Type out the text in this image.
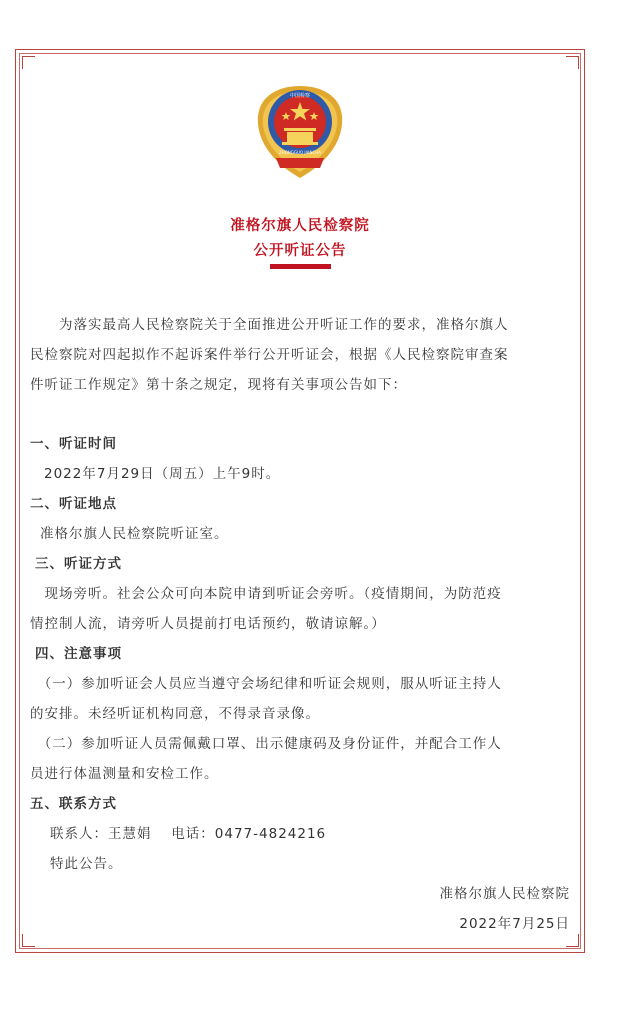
中国检察
ZHONGGUO JIANCHA
准格尔旗人民检察院
公开听证公告

　　为落实最高人民检察院关于全面推进公开听证工作的要求，准格尔旗人

民检察院对四起拟作不起诉案件举行公开听证会，根据《人民检察院审查案

件听证工作规定》第十条之规定，现将有关事项公告如下：

一、听证时间

2022年7月29日（周五）上午9时。

二、听证地点

准格尔旗人民检察院听证室。

三、听证方式

　现场旁听。社会公众可向本院申请到听证会旁听。（疫情期间，为防范疫

情控制人流，请旁听人员提前打电话预约，敬请谅解。）

四、注意事项

　（一）参加听证会人员应当遵守会场纪律和听证会规则，服从听证主持人

的安排。未经听证机构同意，不得录音录像。

　（二）参加听证人员需佩戴口罩、出示健康码及身份证件，并配合工作人

员进行体温测量和安检工作。

五、联系方式

联系人：王慧娟　 电话：0477-4824216

特此公告。

准格尔旗人民检察院

2022年7月25日
